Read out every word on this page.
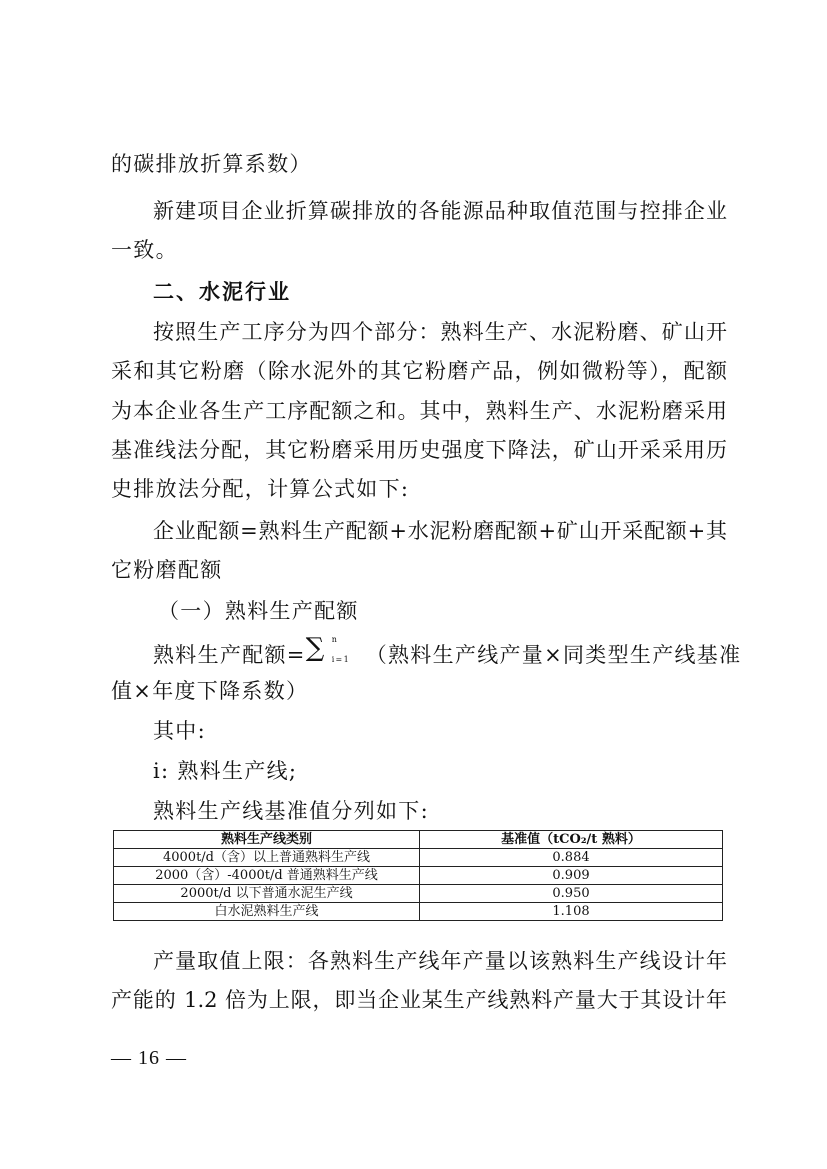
的碳排放折算系数）
新建项目企业折算碳排放的各能源品种取值范围与控排企业
一致。
二、水泥行业
按照生产工序分为四个部分：熟料生产、水泥粉磨、矿山开
采和其它粉磨（除水泥外的其它粉磨产品，例如微粉等），配额
为本企业各生产工序配额之和。其中，熟料生产、水泥粉磨采用
基准线法分配，其它粉磨采用历史强度下降法，矿山开采采用历
史排放法分配，计算公式如下:
企业配额=熟料生产配额+水泥粉磨配额+矿山开采配额+其
它粉磨配额
（一）熟料生产配额
熟料生产配额= ∑ n
i=1 （熟料生产线产量×同类型生产线基准
值×年度下降系数）
其中:
i: 熟料生产线;
熟料生产线基准值分列如下:
熟料生产线类别	基准值（tCO₂/t 熟料）
4000t/d（含）以上普通熟料生产线	0.884
2000（含）-4000t/d 普通熟料生产线	0.909
2000t/d 以下普通水泥生产线	0.950
白水泥熟料生产线	1.108
产量取值上限：各熟料生产线年产量以该熟料生产线设计年
产能的 1.2 倍为上限，即当企业某生产线熟料产量大于其设计年
— 16 —
